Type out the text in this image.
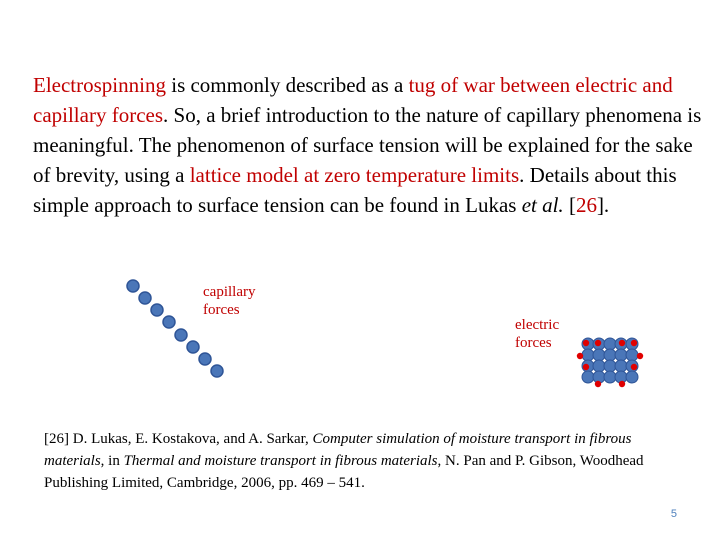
Electrospinning is commonly described as a tug of war between electric and capillary forces. So, a brief introduction to the nature of capillary phenomena is meaningful. The phenomenon of surface tension will be explained for the sake of brevity, using a lattice model at zero temperature limits. Details about this simple approach to surface tension can be found in Lukas et al. [26].

capillary
forces
electric
forces

[26] D. Lukas, E. Kostakova, and A. Sarkar, Computer simulation of moisture transport in fibrous materials, in Thermal and moisture transport in fibrous materials, N. Pan and P. Gibson, Woodhead Publishing Limited, Cambridge, 2006, pp. 469 – 541.

5
